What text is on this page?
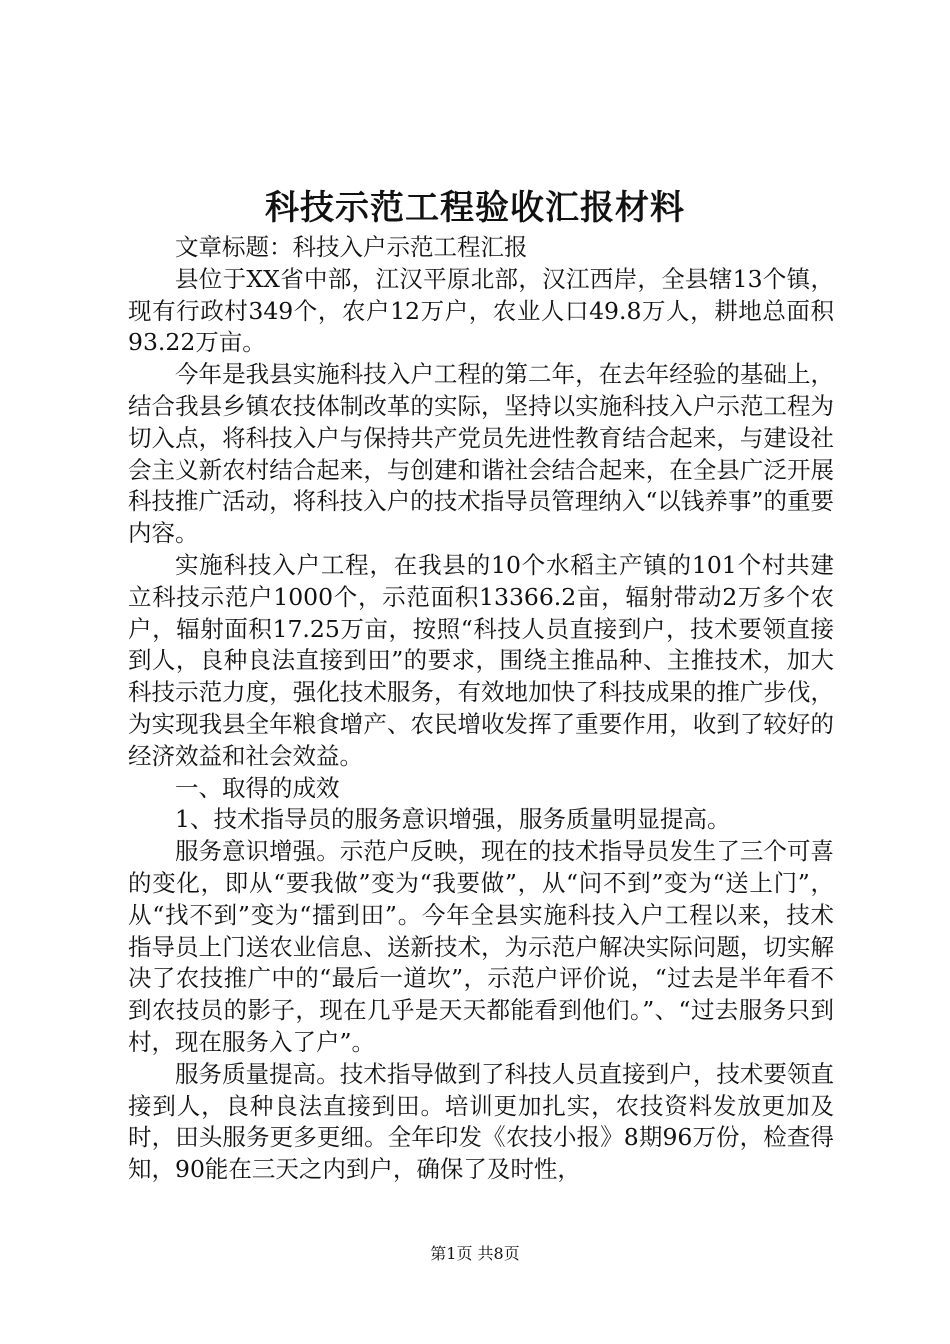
科技示范工程验收汇报材料

文章标题：科技入户示范工程汇报

县位于XX省中部，江汉平原北部，汉江西岸，全县辖13个镇，现有行政村349个，农户12万户，农业人口49.8万人，耕地总面积93.22万亩。

今年是我县实施科技入户工程的第二年，在去年经验的基础上，结合我县乡镇农技体制改革的实际，坚持以实施科技入户示范工程为切入点，将科技入户与保持共产党员先进性教育结合起来，与建设社会主义新农村结合起来，与创建和谐社会结合起来，在全县广泛开展科技推广活动，将科技入户的技术指导员管理纳入“以钱养事”的重要内容。

实施科技入户工程，在我县的10个水稻主产镇的101个村共建立科技示范户1000个，示范面积13366.2亩，辐射带动2万多个农户，辐射面积17.25万亩，按照“科技人员直接到户，技术要领直接到人，良种良法直接到田”的要求，围绕主推品种、主推技术，加大科技示范力度，强化技术服务，有效地加快了科技成果的推广步伐，为实现我县全年粮食增产、农民增收发挥了重要作用，收到了较好的经济效益和社会效益。

一、取得的成效

1、技术指导员的服务意识增强，服务质量明显提高。

服务意识增强。示范户反映，现在的技术指导员发生了三个可喜的变化，即从“要我做”变为“我要做”，从“问不到”变为“送上门”，从“找不到”变为“擂到田”。今年全县实施科技入户工程以来，技术指导员上门送农业信息、送新技术，为示范户解决实际问题，切实解决了农技推广中的“最后一道坎”，示范户评价说，“过去是半年看不到农技员的影子，现在几乎是天天都能看到他们。”、“过去服务只到村，现在服务入了户”。

服务质量提高。技术指导做到了科技人员直接到户，技术要领直接到人，良种良法直接到田。培训更加扎实，农技资料发放更加及时，田头服务更多更细。全年印发《农技小报》8期96万份，检查得知，90能在三天之内到户，确保了及时性，

第1页 共8页
